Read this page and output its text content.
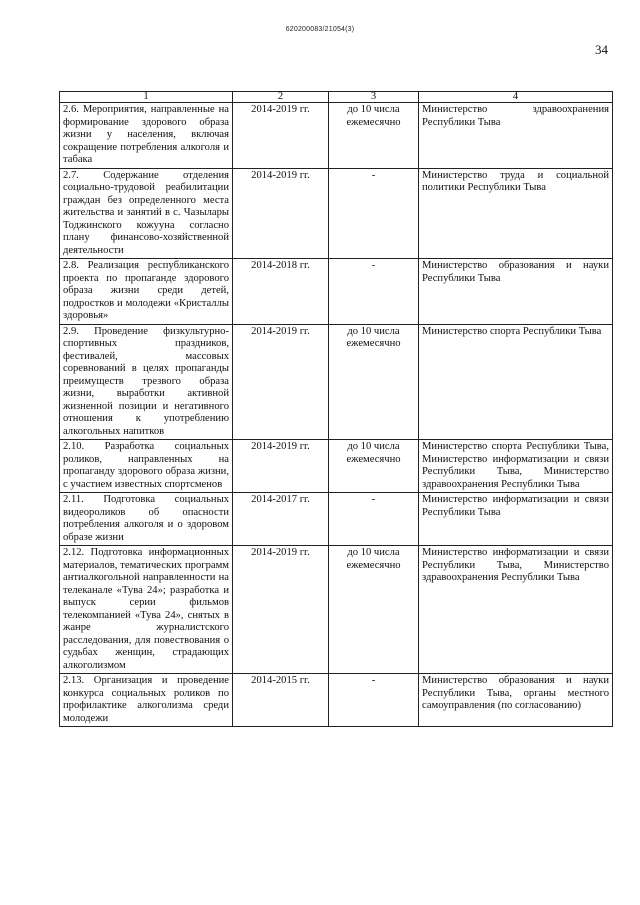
620200083/21054(3)
34
1	2	3	4
2.6. Мероприятия, направленные на формирование здорового образа жизни у населения, включая сокращение потребления алкоголя и табака	2014-2019 гг.	до 10 числа ежемесячно	Министерство здравоохранения Республики Тыва
2.7. Содержание отделения социально-трудовой реабилитации граждан без определенного места жительства и занятий в с. Чазылары Тоджинского кожууна согласно плану финансово-хозяйственной деятельности	2014-2019 гг.	-	Министерство труда и социальной политики Республики Тыва
2.8. Реализация республиканского проекта по пропаганде здорового образа жизни среди детей, подростков и молодежи «Кристаллы здоровья»	2014-2018 гг.	-	Министерство образования и науки Республики Тыва
2.9. Проведение физкультурно-спортивных праздников, фестивалей, массовых соревнований в целях пропаганды преимуществ трезвого образа жизни, выработки активной жизненной позиции и негативного отношения к употреблению алкогольных напитков	2014-2019 гг.	до 10 числа ежемесячно	Министерство спорта Республики Тыва
2.10. Разработка социальных роликов, направленных на пропаганду здорового образа жизни, с участием известных спортсменов	2014-2019 гг.	до 10 числа ежемесячно	Министерство спорта Республики Тыва, Министерство информатизации и связи Республики Тыва, Министерство здравоохранения Республики Тыва
2.11. Подготовка социальных видеороликов об опасности потребления алкоголя и о здоровом образе жизни	2014-2017 гг.	-	Министерство информатизации и связи Республики Тыва
2.12. Подготовка информационных материалов, тематических программ антиалкогольной направленности на телеканале «Тува 24»; разработка и выпуск серии фильмов телекомпанией «Тува 24», снятых в жанре журналистского расследования, для повествования о судьбах женщин, страдающих алкоголизмом	2014-2019 гг.	до 10 числа ежемесячно	Министерство информатизации и связи Республики Тыва, Министерство здравоохранения Республики Тыва
2.13. Организация и проведение конкурса социальных роликов по профилактике алкоголизма среди молодежи	2014-2015 гг.	-	Министерство образования и науки Республики Тыва, органы местного самоуправления (по согласованию)
